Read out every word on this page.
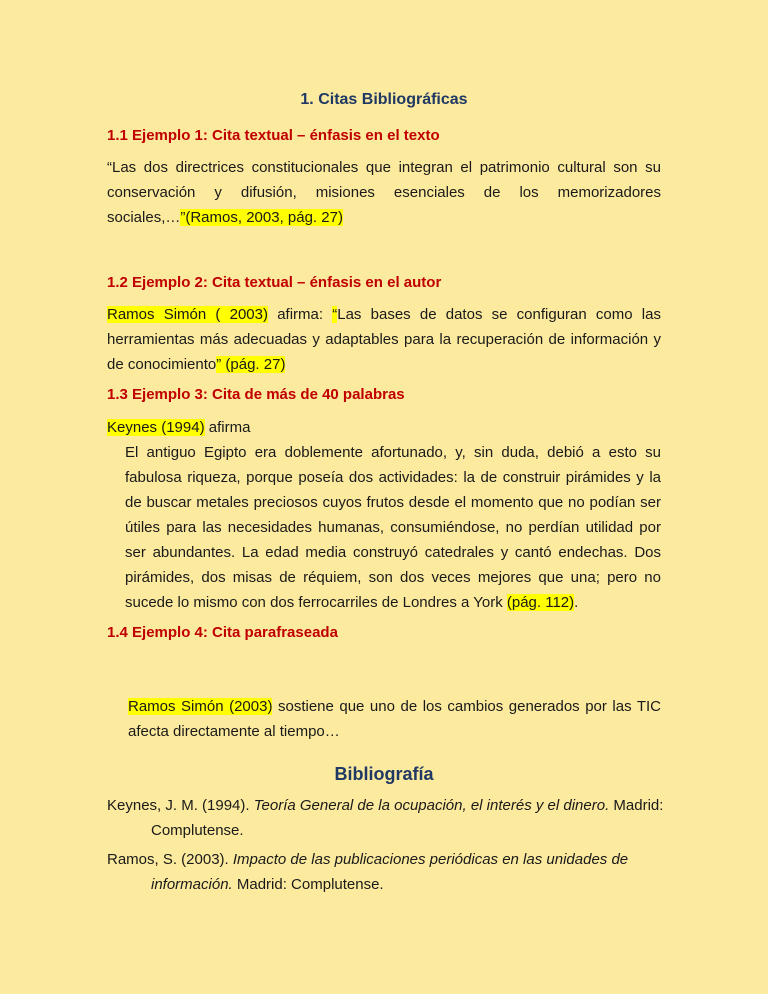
1. Citas Bibliográficas
1.1 Ejemplo 1: Cita textual – énfasis en el texto
“Las dos directrices constitucionales que integran el patrimonio cultural son su conservación y difusión, misiones esenciales de los memorizadores sociales,…”(Ramos, 2003, pág. 27)
1.2 Ejemplo 2: Cita textual – énfasis en el autor
Ramos Simón ( 2003) afirma: “Las bases de datos se configuran como las herramientas más adecuadas y adaptables para la recuperación de información y de conocimiento” (pág. 27)
1.3 Ejemplo 3: Cita de más de 40 palabras
Keynes (1994) afirma
El antiguo Egipto era doblemente afortunado, y, sin duda, debió a esto su fabulosa riqueza, porque poseía dos actividades: la de construir pirámides y la de buscar metales preciosos cuyos frutos desde el momento que no podían ser útiles para las necesidades humanas, consumiéndose, no perdían utilidad por ser abundantes. La edad media construyó catedrales y cantó endechas. Dos pirámides, dos misas de réquiem, son dos veces mejores que una; pero no sucede lo mismo con dos ferrocarriles de Londres a York (pág. 112).
1.4 Ejemplo 4: Cita parafraseada
Ramos Simón (2003) sostiene que uno de los cambios generados por las TIC afecta directamente al tiempo…
Bibliografía
Keynes, J. M. (1994). Teoría General de la ocupación, el interés y el dinero. Madrid: Complutense.
Ramos, S. (2003). Impacto de las publicaciones periódicas en las unidades de información. Madrid: Complutense.
